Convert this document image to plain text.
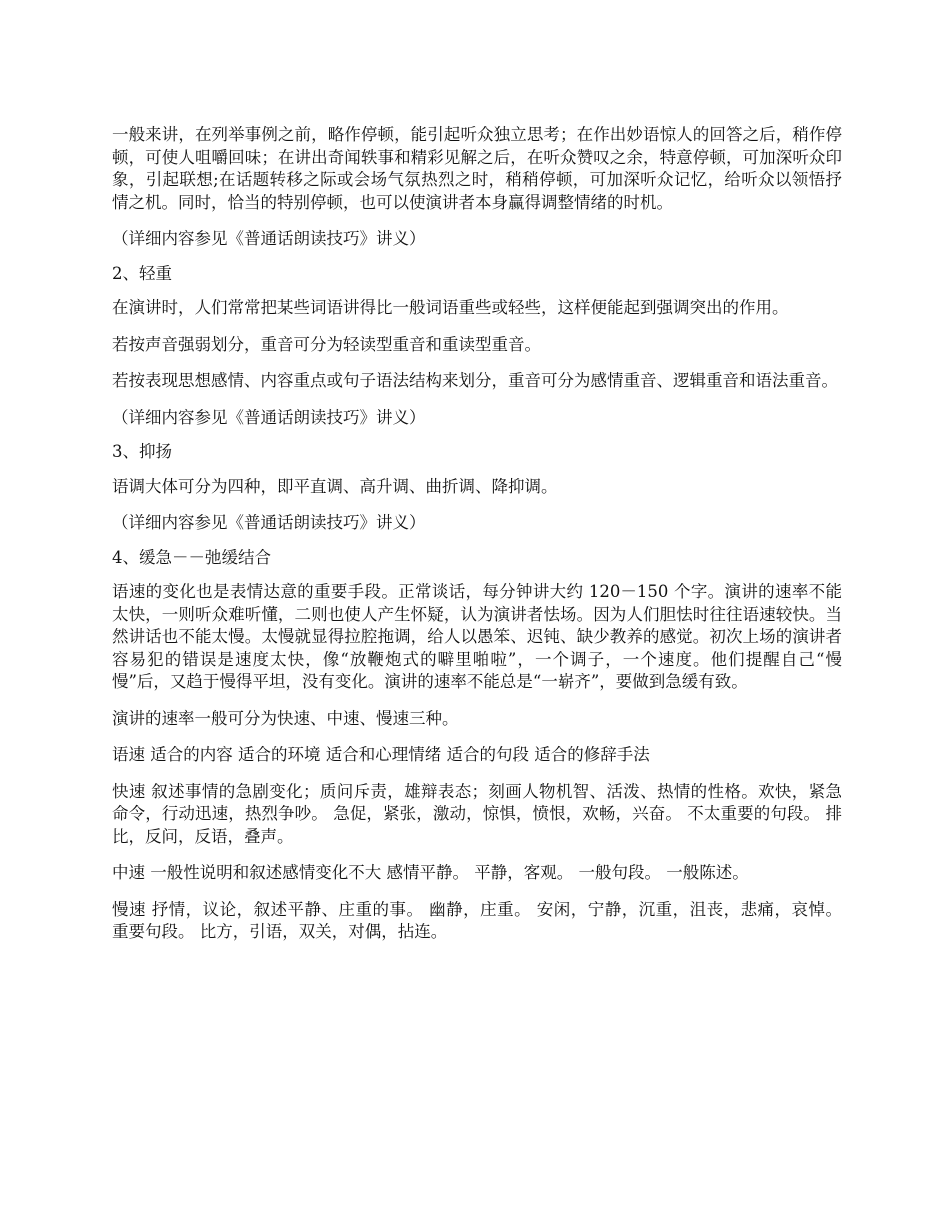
一般来讲，在列举事例之前，略作停顿，能引起听众独立思考；在作出妙语惊人的回答之后，稍作停顿，可使人咀嚼回味；在讲出奇闻轶事和精彩见解之后，在听众赞叹之余，特意停顿，可加深听众印象，引起联想;在话题转移之际或会场气氛热烈之时，稍稍停顿，可加深听众记忆，给听众以领悟抒情之机。同时，恰当的特别停顿，也可以使演讲者本身赢得调整情绪的时机。

（详细内容参见《普通话朗读技巧》讲义）

2、轻重

在演讲时，人们常常把某些词语讲得比一般词语重些或轻些，这样便能起到强调突出的作用。

若按声音强弱划分，重音可分为轻读型重音和重读型重音。

若按表现思想感情、内容重点或句子语法结构来划分，重音可分为感情重音、逻辑重音和语法重音。

（详细内容参见《普通话朗读技巧》讲义）

3、抑扬

语调大体可分为四种，即平直调、高升调、曲折调、降抑调。

（详细内容参见《普通话朗读技巧》讲义）

4、缓急－－弛缓结合

语速的变化也是表情达意的重要手段。正常谈话，每分钟讲大约 120－150 个字。演讲的速率不能太快，一则听众难听懂，二则也使人产生怀疑，认为演讲者怯场。因为人们胆怯时往往语速较快。当然讲话也不能太慢。太慢就显得拉腔拖调，给人以愚笨、迟钝、缺少教养的感觉。初次上场的演讲者容易犯的错误是速度太快，像“放鞭炮式的噼里啪啦”，一个调子，一个速度。他们提醒自己“慢慢”后，又趋于慢得平坦，没有变化。演讲的速率不能总是“一崭齐”，要做到急缓有致。

演讲的速率一般可分为快速、中速、慢速三种。

语速 适合的内容 适合的环境 适合和心理情绪 适合的句段 适合的修辞手法

快速 叙述事情的急剧变化；质问斥责，雄辩表态；刻画人物机智、活泼、热情的性格。欢快，紧急命令，行动迅速，热烈争吵。 急促，紧张，激动，惊惧，愤恨，欢畅，兴奋。 不太重要的句段。 排比，反问，反语，叠声。

中速 一般性说明和叙述感情变化不大 感情平静。 平静，客观。 一般句段。 一般陈述。

慢速 抒情，议论，叙述平静、庄重的事。 幽静，庄重。 安闲，宁静，沉重，沮丧，悲痛，哀悼。 重要句段。 比方，引语，双关，对偶，拈连。
